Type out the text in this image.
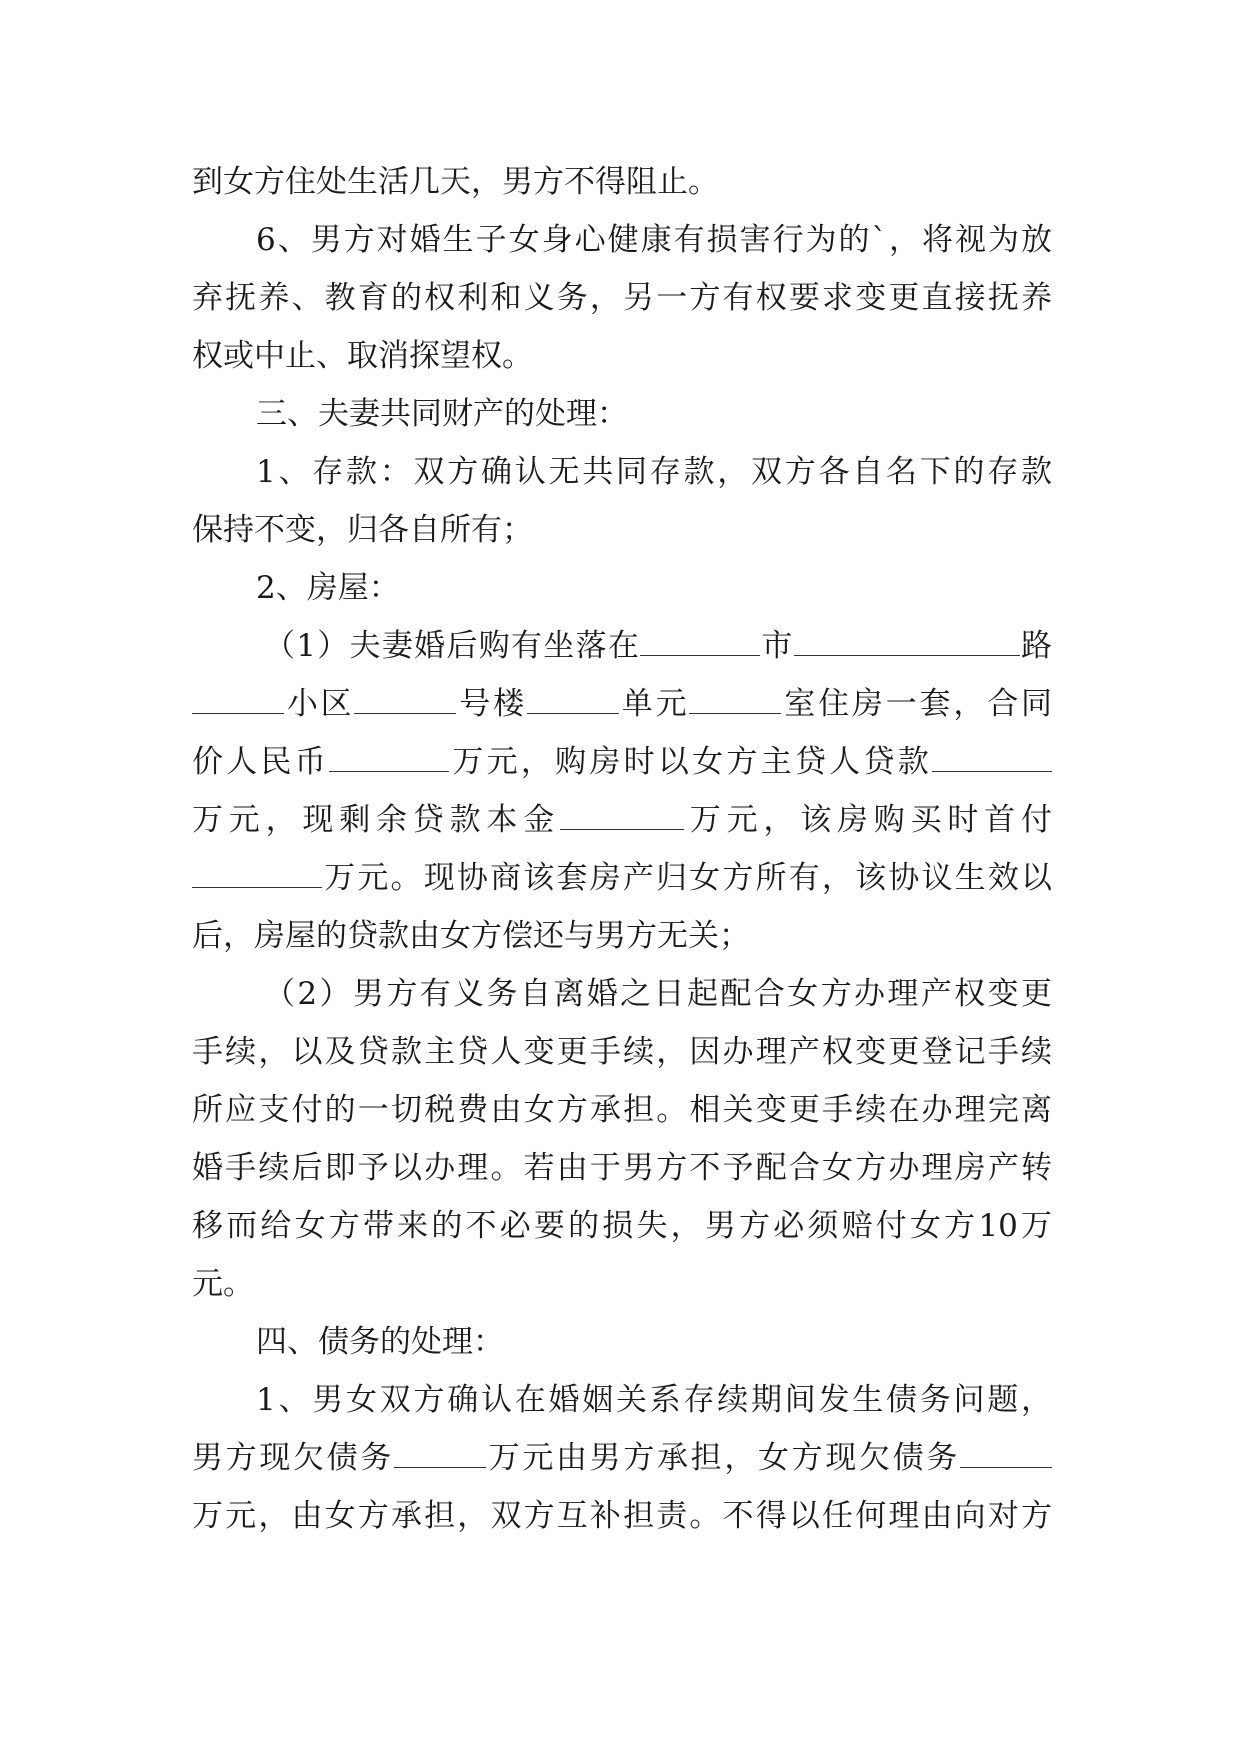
到女方住处生活几天，男方不得阻止。
6、男方对婚生子女身心健康有损害行为的`，将视为放
弃抚养、教育的权利和义务，另一方有权要求变更直接抚养
权或中止、取消探望权。
三、夫妻共同财产的处理：
1、存款：双方确认无共同存款，双方各自名下的存款
保持不变，归各自所有；
2、房屋：
（1）夫妻婚后购有坐落在	市	路
小区	号楼	单元	室住房一套，合同
价人民币	万元，购房时以女方主贷人贷款
万元，现剩余贷款本金	万元，该房购买时首付
万元。现协商该套房产归女方所有，该协议生效以
后，房屋的贷款由女方偿还与男方无关；
（2）男方有义务自离婚之日起配合女方办理产权变更
手续，以及贷款主贷人变更手续，因办理产权变更登记手续
所应支付的一切税费由女方承担。相关变更手续在办理完离
婚手续后即予以办理。若由于男方不予配合女方办理房产转
移而给女方带来的不必要的损失，男方必须赔付女方10万
元。
四、债务的处理：
1、男女双方确认在婚姻关系存续期间发生债务问题，
男方现欠债务	万元由男方承担，女方现欠债务
万元，由女方承担，双方互补担责。不得以任何理由向对方
